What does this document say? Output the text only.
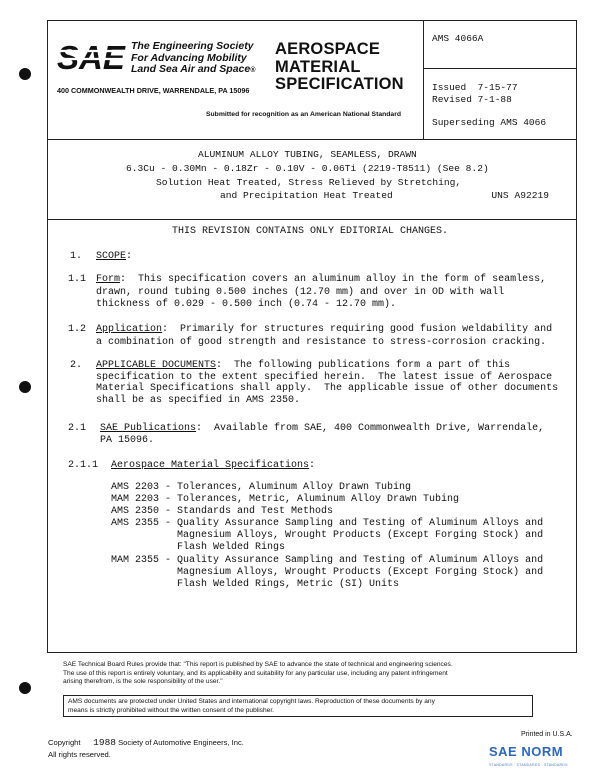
SAE The Engineering Society
For Advancing Mobility
Land Sea Air and Space®
400 COMMONWEALTH DRIVE, WARRENDALE, PA 15096
AEROSPACE
MATERIAL
SPECIFICATION
Submitted for recognition as an American National Standard
AMS 4066A
Issued  7-15-77
Revised 7-1-88
Superseding AMS 4066
ALUMINUM ALLOY TUBING, SEAMLESS, DRAWN
6.3Cu - 0.30Mn - 0.18Zr - 0.10V - 0.06Ti (2219-T8511) (See 8.2)
Solution Heat Treated, Stress Relieved by Stretching,
and Precipitation Heat Treated	UNS A92219
THIS REVISION CONTAINS ONLY EDITORIAL CHANGES.
1. SCOPE:
1.1 Form:  This specification covers an aluminum alloy in the form of seamless,
drawn, round tubing 0.500 inches (12.70 mm) and over in OD with wall
thickness of 0.029 - 0.500 inch (0.74 - 12.70 mm).
1.2 Application:  Primarily for structures requiring good fusion weldability and
a combination of good strength and resistance to stress-corrosion cracking.
2. APPLICABLE DOCUMENTS:  The following publications form a part of this
specification to the extent specified herein.  The latest issue of Aerospace
Material Specifications shall apply.  The applicable issue of other documents
shall be as specified in AMS 2350.
2.1 SAE Publications:  Available from SAE, 400 Commonwealth Drive, Warrendale,
PA 15096.
2.1.1 Aerospace Material Specifications:
AMS 2203 - Tolerances, Aluminum Alloy Drawn Tubing
MAM 2203 - Tolerances, Metric, Aluminum Alloy Drawn Tubing
AMS 2350 - Standards and Test Methods
AMS 2355 - Quality Assurance Sampling and Testing of Aluminum Alloys and
Magnesium Alloys, Wrought Products (Except Forging Stock) and
Flash Welded Rings
MAM 2355 - Quality Assurance Sampling and Testing of Aluminum Alloys and
Magnesium Alloys, Wrought Products (Except Forging Stock) and
Flash Welded Rings, Metric (SI) Units
SAE Technical Board Rules provide that: "This report is published by SAE to advance the state of technical and engineering sciences.
The use of this report is entirely voluntary, and its applicability and suitability for any particular use, including any patent infringement
arising therefrom, is the sole responsibility of the user."
AMS documents are protected under United States and international copyright laws. Reproduction of these documents by any
means is strictly prohibited without the written consent of the publisher.
Copyright 1988 Society of Automotive Engineers, Inc.
All rights reserved.
Printed in U.S.A.
SAE NORM
STANDARDS · STANDARDS · STANDARDS
